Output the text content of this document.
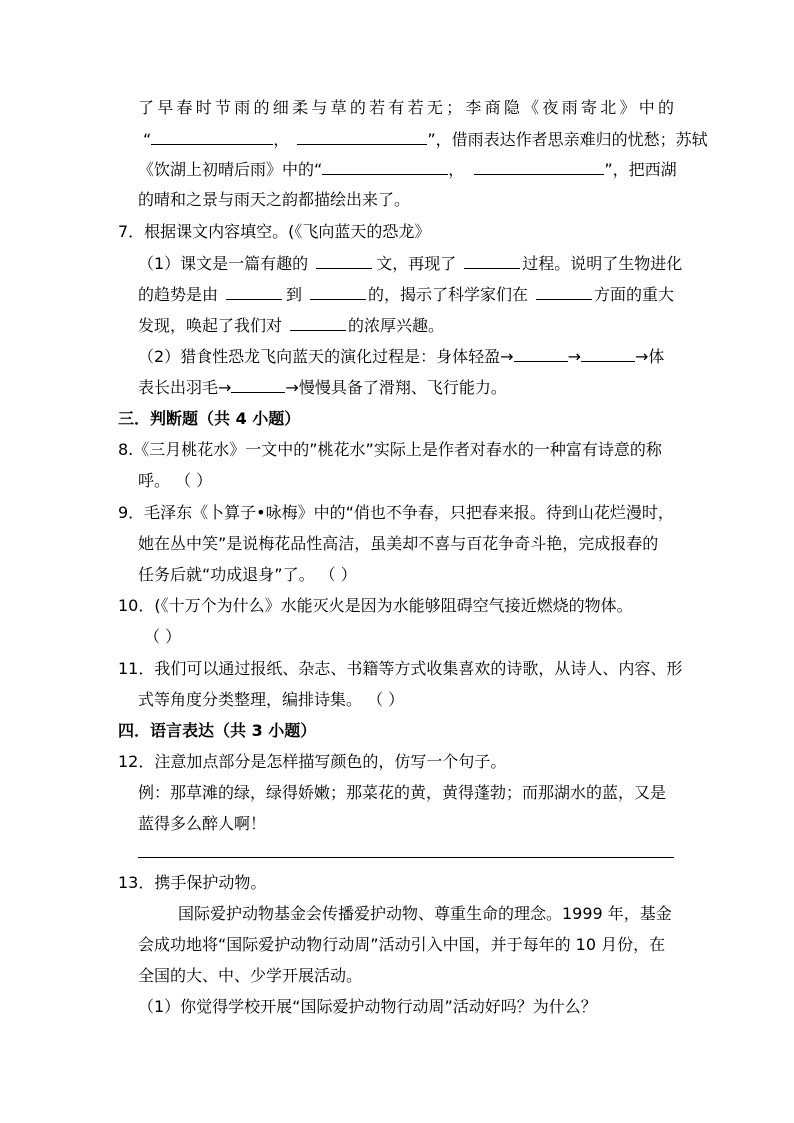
了早春时节雨的细柔与草的若有若无；李商隐《夜雨寄北》中的
“	，	”，借雨表达作者思亲难归的忧愁；苏轼
《饮湖上初晴后雨》中的“	，	”，把西湖
的晴和之景与雨天之韵都描绘出来了。
7．根据课文内容填空。(《飞向蓝天的恐龙》
（1）课文是一篇有趣的	文，再现了	过程。说明了生物进化
的趋势是由	到	的，揭示了科学家们在	方面的重大
发现，唤起了我们对	的浓厚兴趣。
（2）猎食性恐龙飞向蓝天的演化过程是：身体轻盈→	→	→体
表长出羽毛→	→慢慢具备了滑翔、飞行能力。
三．判断题（共 4 小题）
8.《三月桃花水》一文中的”桃花水”实际上是作者对春水的一种富有诗意的称
呼。 （ ）
9．毛泽东《卜算子•咏梅》中的“俏也不争春，只把春来报。待到山花烂漫时，
她在丛中笑”是说梅花品性高洁，虽美却不喜与百花争奇斗艳，完成报春的
任务后就“功成退身”了。 （ ）
10．(《十万个为什么》水能灭火是因为水能够阻碍空气接近燃烧的物体。
（ ）
11．我们可以通过报纸、杂志、书籍等方式收集喜欢的诗歌，从诗人、内容、形
式等角度分类整理，编排诗集。 （ ）
四．语言表达（共 3 小题）
12．注意加点部分是怎样描写颜色的，仿写一个句子。
例：那草滩的绿，绿得娇嫩；那菜花的黄，黄得蓬勃；而那湖水的蓝，又是
蓝得多么醉人啊！
13．携手保护动物。
国际爱护动物基金会传播爱护动物、尊重生命的理念。1999 年，基金
会成功地将“国际爱护动物行动周”活动引入中国，并于每年的 10 月份，在
全国的大、中、少学开展活动。
（1）你觉得学校开展“国际爱护动物行动周”活动好吗？为什么？
